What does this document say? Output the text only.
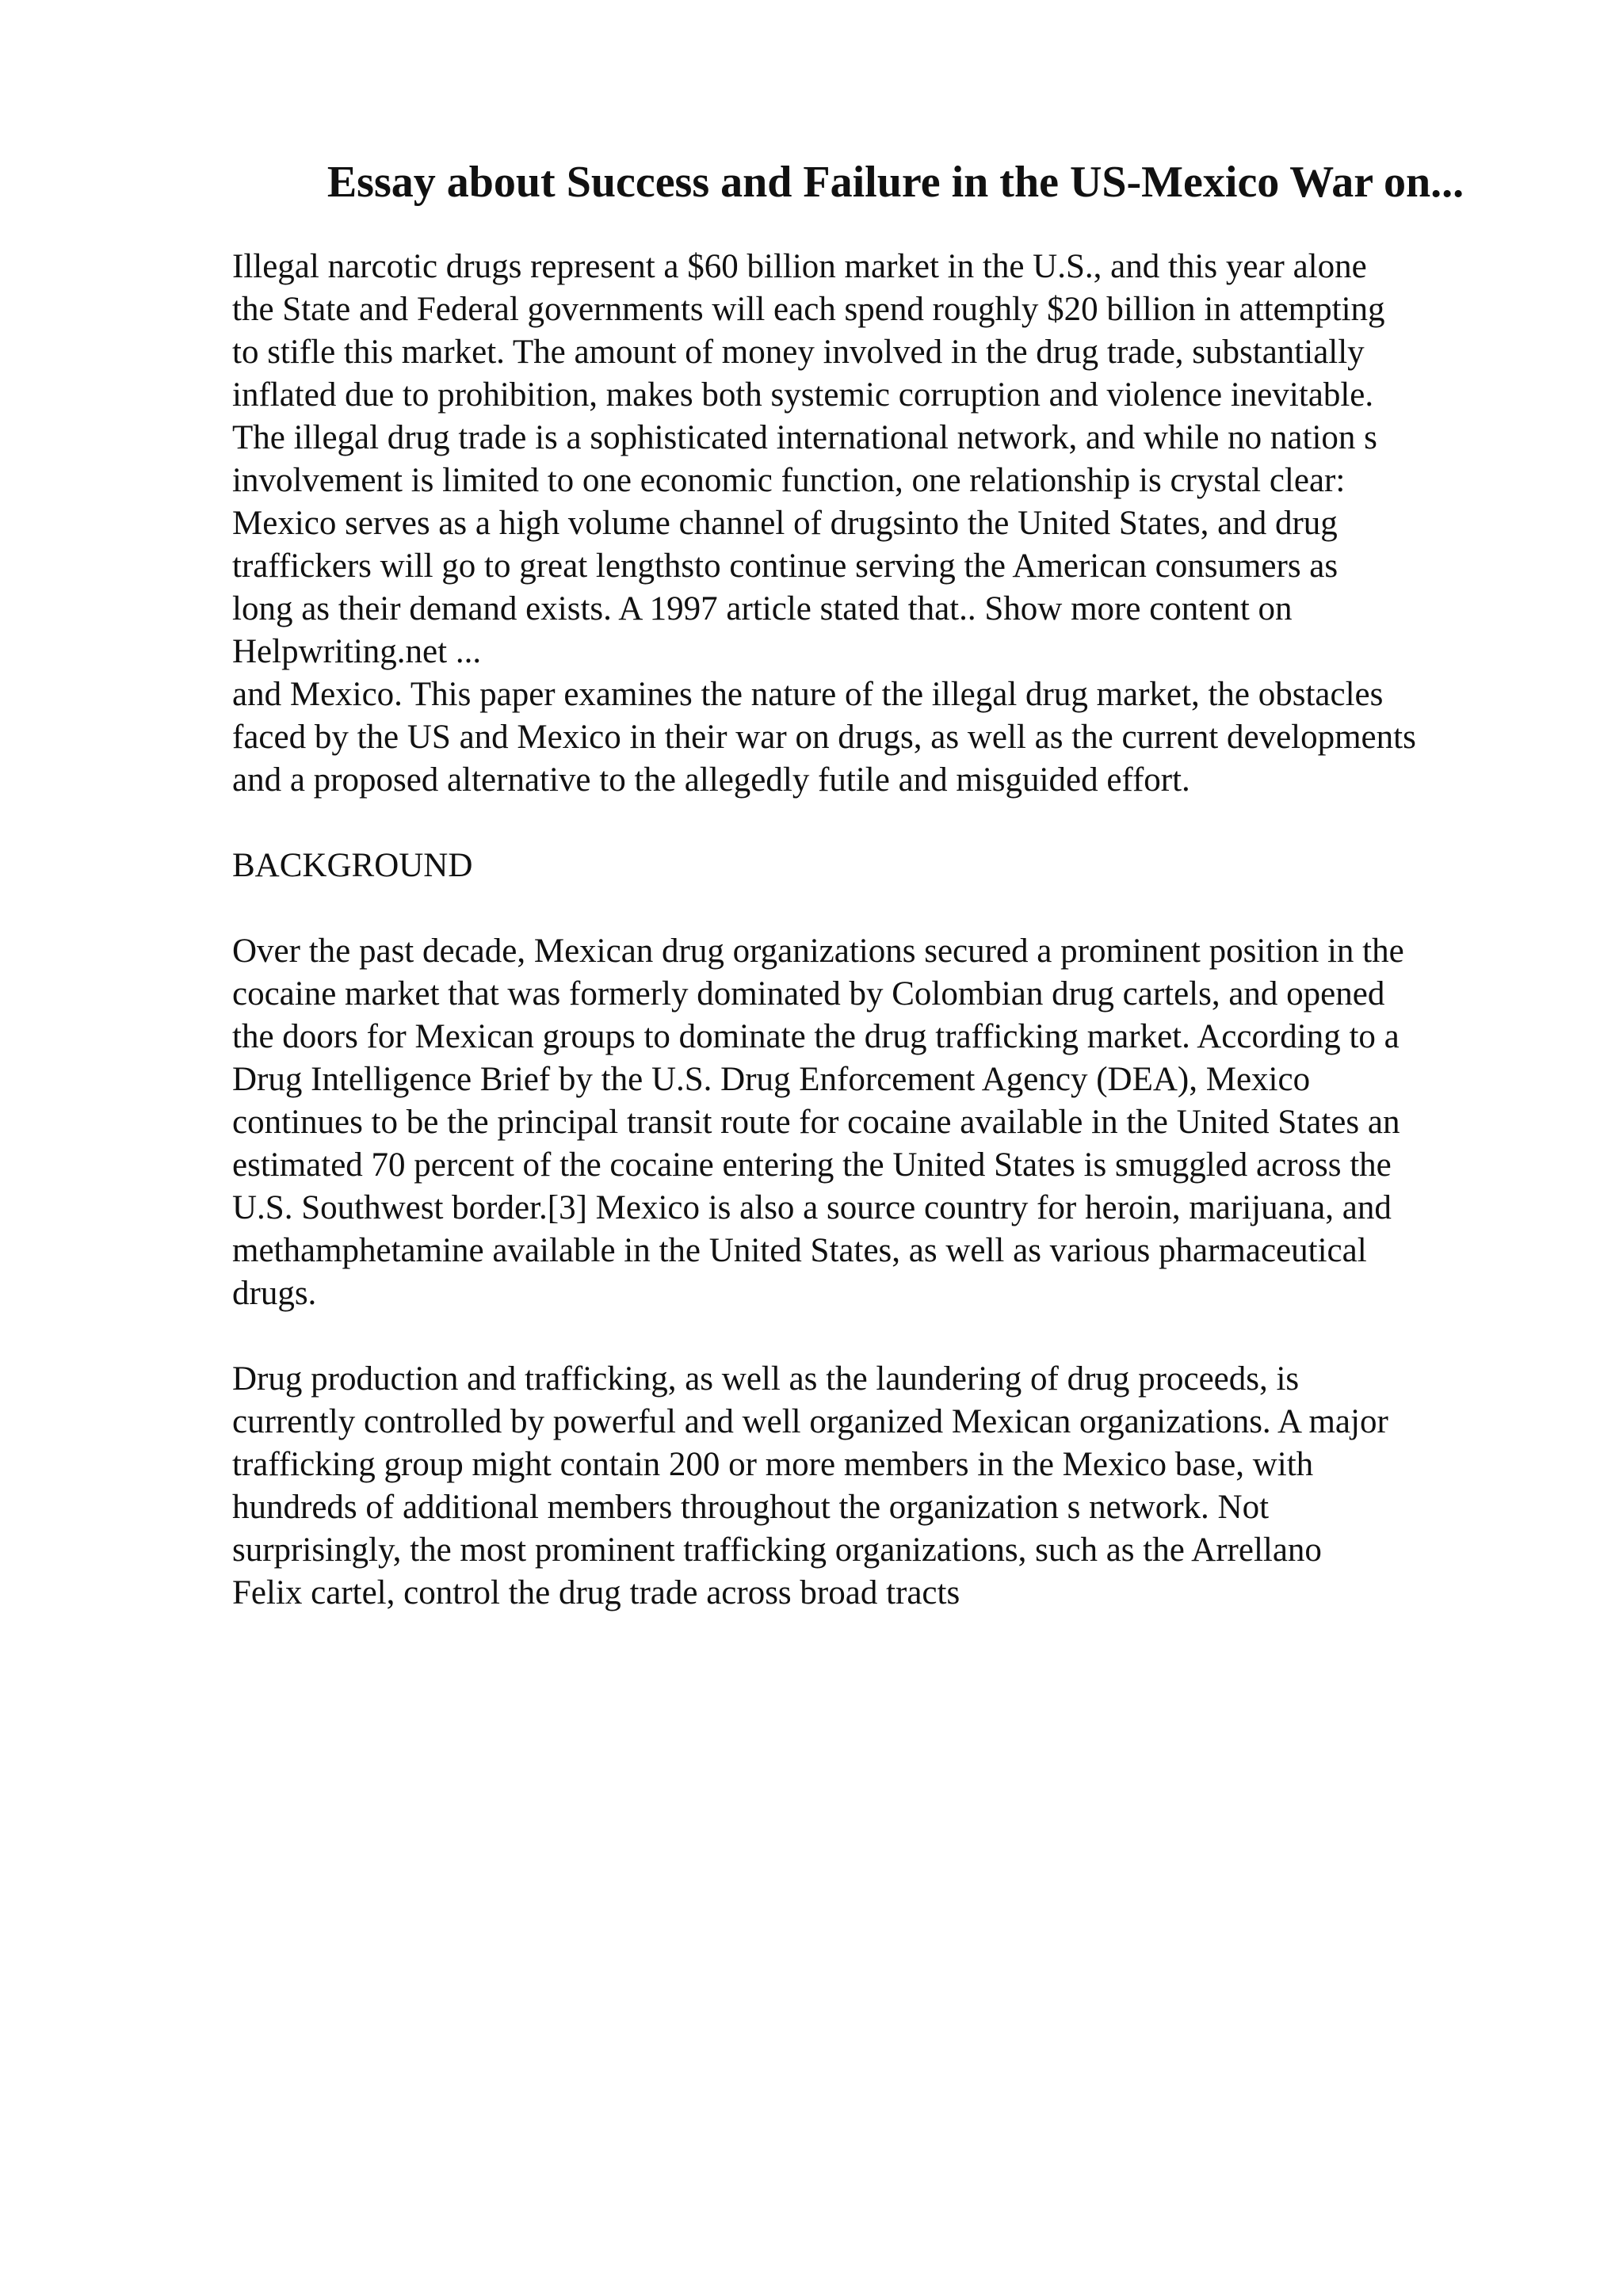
Essay about Success and Failure in the US-Mexico War on...
Illegal narcotic drugs represent a $60 billion market in the U.S., and this year alone
the State and Federal governments will each spend roughly $20 billion in attempting
to stifle this market. The amount of money involved in the drug trade, substantially
inflated due to prohibition, makes both systemic corruption and violence inevitable.
The illegal drug trade is a sophisticated international network, and while no nation s
involvement is limited to one economic function, one relationship is crystal clear:
Mexico serves as a high volume channel of drugsinto the United States, and drug
traffickers will go to great lengthsto continue serving the American consumers as
long as their demand exists. A 1997 article stated that.. Show more content on
Helpwriting.net ...
and Mexico. This paper examines the nature of the illegal drug market, the obstacles
faced by the US and Mexico in their war on drugs, as well as the current developments
and a proposed alternative to the allegedly futile and misguided effort.
BACKGROUND
Over the past decade, Mexican drug organizations secured a prominent position in the
cocaine market that was formerly dominated by Colombian drug cartels, and opened
the doors for Mexican groups to dominate the drug trafficking market. According to a
Drug Intelligence Brief by the U.S. Drug Enforcement Agency (DEA), Mexico
continues to be the principal transit route for cocaine available in the United States an
estimated 70 percent of the cocaine entering the United States is smuggled across the
U.S. Southwest border.[3] Mexico is also a source country for heroin, marijuana, and
methamphetamine available in the United States, as well as various pharmaceutical
drugs.
Drug production and trafficking, as well as the laundering of drug proceeds, is
currently controlled by powerful and well organized Mexican organizations. A major
trafficking group might contain 200 or more members in the Mexico base, with
hundreds of additional members throughout the organization s network. Not
surprisingly, the most prominent trafficking organizations, such as the Arrellano
Felix cartel, control the drug trade across broad tracts
